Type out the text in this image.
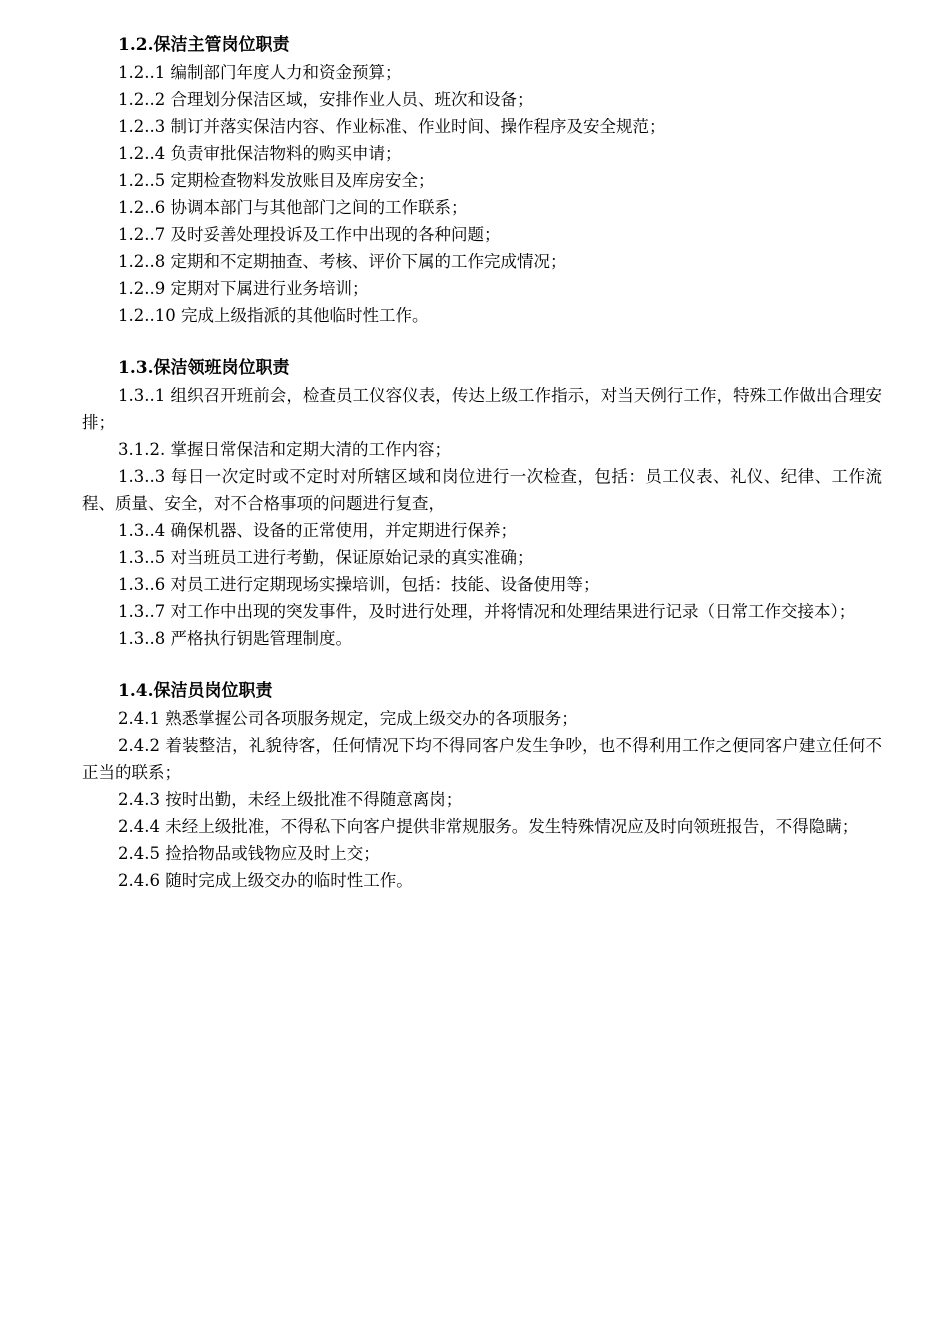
1.2.保洁主管岗位职责

1.2..1 编制部门年度人力和资金预算；

1.2..2 合理划分保洁区域，安排作业人员、班次和设备；

1.2..3 制订并落实保洁内容、作业标准、作业时间、操作程序及安全规范；

1.2..4 负责审批保洁物料的购买申请；

1.2..5 定期检查物料发放账目及库房安全；

1.2..6 协调本部门与其他部门之间的工作联系；

1.2..7 及时妥善处理投诉及工作中出现的各种问题；

1.2..8 定期和不定期抽查、考核、评价下属的工作完成情况；

1.2..9 定期对下属进行业务培训；

1.2..10 完成上级指派的其他临时性工作。

1.3.保洁领班岗位职责

1.3..1 组织召开班前会，检查员工仪容仪表，传达上级工作指示，对当天例行工作，特殊工作做出合理安排；

3.1.2. 掌握日常保洁和定期大清的工作内容；

1.3..3 每日一次定时或不定时对所辖区域和岗位进行一次检查，包括：员工仪表、礼仪、纪律、工作流程、质量、安全，对不合格事项的问题进行复查，

1.3..4 确保机器、设备的正常使用，并定期进行保养；

1.3..5 对当班员工进行考勤，保证原始记录的真实准确；

1.3..6 对员工进行定期现场实操培训，包括：技能、设备使用等；

1.3..7 对工作中出现的突发事件，及时进行处理，并将情况和处理结果进行记录（日常工作交接本）；

1.3..8 严格执行钥匙管理制度。

1.4.保洁员岗位职责

2.4.1 熟悉掌握公司各项服务规定，完成上级交办的各项服务；

2.4.2 着装整洁，礼貌待客，任何情况下均不得同客户发生争吵，也不得利用工作之便同客户建立任何不正当的联系；

2.4.3 按时出勤，未经上级批准不得随意离岗；

2.4.4 未经上级批准，不得私下向客户提供非常规服务。发生特殊情况应及时向领班报告，不得隐瞒；

2.4.5 捡拾物品或钱物应及时上交；

2.4.6 随时完成上级交办的临时性工作。
